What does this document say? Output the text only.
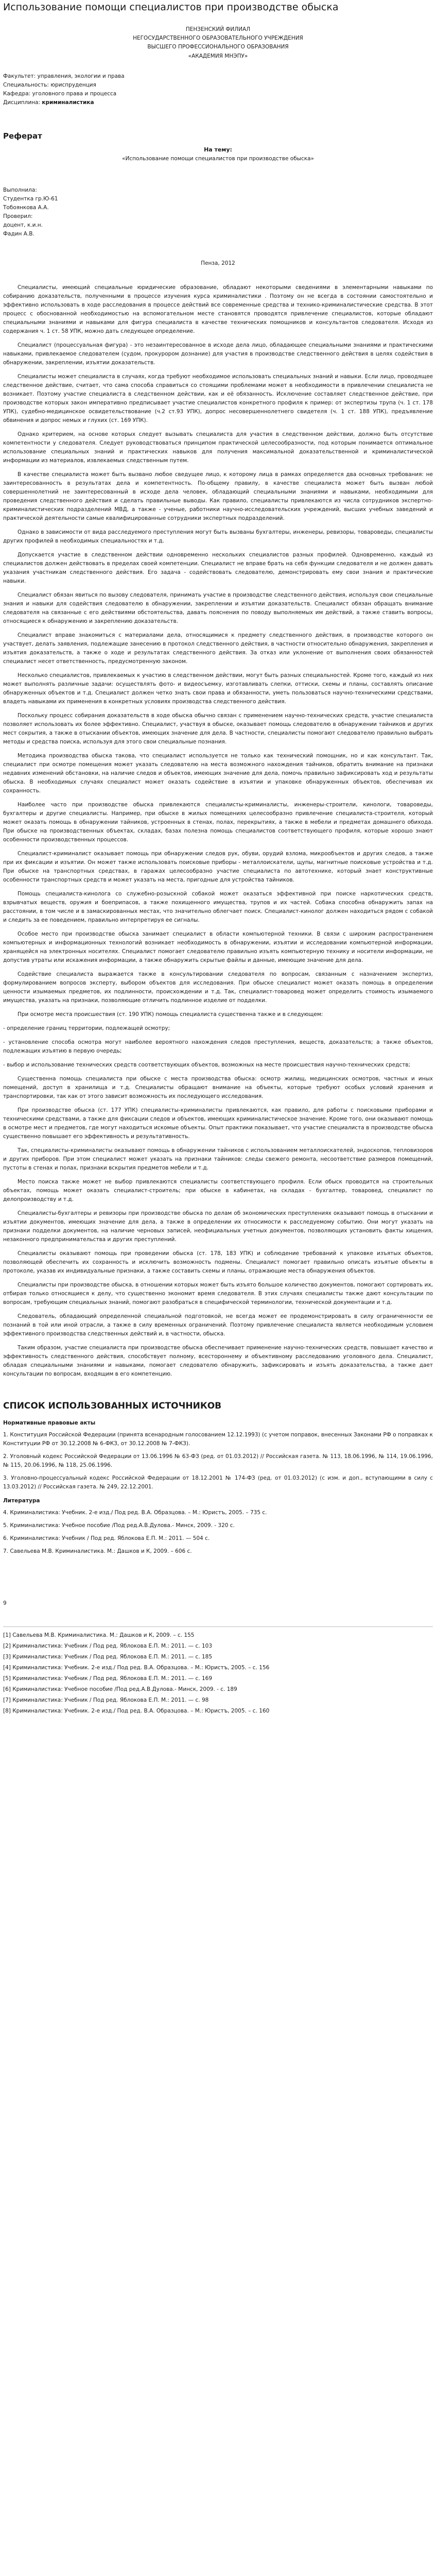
Использование помощи специалистов при производстве обыска

ПЕНЗЕНСКИЙ ФИЛИАЛ

НЕГОСУДАРСТВЕННОГО ОБРАЗОВАТЕЛЬНОГО УЧРЕЖДЕНИЯ

ВЫСШЕГО ПРОФЕССИОНАЛЬНОГО ОБРАЗОВАНИЯ

«АКАДЕМИЯ МНЭПУ»

Факультет: управления, экологии и права

Специальность: юриспруденция

Кафедра: уголовного права и процесса

Дисциплина: криминалистика

Реферат

На тему:

«Использование помощи специалистов при производстве обыска»

Выполнила:

Студентка гр.Ю-61

Тобоянкова А.А.

Проверил:

доцент, к.и.н.

Фадин А.В.

Пенза, 2012

Специалисты, имеющий специальные юридические образование, обладают некоторыми сведениями в элементарными навыками по собиранию доказательств, полученными в процессе изучения курса криминалистики . Поэтому он не всегда в состоянии самостоятельно и эффективно использовать в ходе расследования в процессе действий все современные средства и технико-криминалистические средства. В этот процесс с обоснованной необходимостью на вспомогательном месте становятся проводятся привлечение специалистов, которые обладают специальными знаниями и навыками для фигура специалиста в качестве технических помощников и консультантов следователя. Исходя из содержания ч. 1 ст. 58 УПК, можно дать следующее определение.

Специалист (процессуальная фигура) - это незаинтересованное в исходе дела лицо, обладающее специальными знаниями и практическими навыками, привлекаемое следователем (судом, прокурором дознание) для участия в производстве следственного действия в целях содействия в обнаружении, закреплении, изъятии доказательств.

Специалисты может специалиста в случаях, когда требуют необходимое использовать специальных знаний и навыки. Если лицо, проводящее следственное действие, считает, что сама способа справиться со стоящими проблемами может в необходимости в привлечении специалиста не возникает. Поэтому участие специалиста в следственном действии, как и её обязанность. Исключение составляет следственное действие, при производстве которых закон императивно предписывает участие специалистов конкретного профиля к пример: от экспертизы трупа (ч. 1 ст. 178 УПК), судебно-медицинское освидетельствование (ч.2 ст.93 УПК), допрос несовершеннолетнего свидетеля (ч. 1 ст. 188 УПК), предъявление обвинения и допрос немых и глухих (ст. 169 УПК).

Однако критерием, на основе которых следует вызывать специалиста для участия в следственном действии, должно быть отсутствие компетентности у следователя. Следует руководствоваться принципом практической целесообразности, под которым понимается оптимальное использование специальных знаний и практических навыков для получения максимальной доказательственной и криминалистической информации из материалов, извлекаемых следственным путем.

В качестве специалиста может быть вызвано любое сведущее лицо, к которому лица в рамках определяется два основных требования: не заинтересованность в результатах дела и компетентность. По-общему правилу, в качестве специалиста может быть вызван любой совершеннолетний не заинтересованный в исходе дела человек, обладающий специальными знаниями и навыками, необходимыми для проведения следственного действия и сделать правильные выводы. Как правило, специалисты привлекаются из числа сотрудников экспертно-криминалистических подразделений МВД, а также - ученые, работники научно-исследовательских учреждений, высших учебных заведений и практической деятельности самые квалифицированные сотрудники экспертных подразделений.

Однако в зависимости от вида расследуемого преступления могут быть вызваны бухгалтеры, инженеры, ревизоры, товароведы, специалисты других профилей в необходимых специальностях и т.д.

Допускается участие в следственном действии одновременно нескольких специалистов разных профилей. Одновременно, каждый из специалистов должен действовать в пределах своей компетенции. Специалист не вправе брать на себя функции следователя и не должен давать указания участникам следственного действия. Его задача - содействовать следователю, демонстрировать ему свои знания и практические навыки.

Специалист обязан явиться по вызову следователя, принимать участие в производстве следственного действия, используя свои специальные знания и навыки для содействия следователю в обнаружении, закреплении и изъятии доказательств. Специалист обязан обращать внимание следователя на связанные с его действиями обстоятельства, давать пояснения по поводу выполняемых им действий, а также ставить вопросы, относящиеся к обнаружению и закреплению доказательств.

Специалист вправе знакомиться с материалами дела, относящимися к предмету следственного действия, в производстве которого он участвует, делать заявления, подлежащие занесению в протокол следственного действия, в частности относительно обнаружения, закрепления и изъятия доказательств, а также о ходе и результатах следственного действия. За отказ или уклонение от выполнения своих обязанностей специалист несет ответственность, предусмотренную законом.

Несколько специалистов, привлекаемых к участию в следственном действии, могут быть разных специальностей. Кроме того, каждый из них может выполнять различные задачи: осуществлять фото- и видеосъемку, изготавливать слепки, оттиски, схемы и планы, составлять описание обнаруженных объектов и т.д. Специалист должен четко знать свои права и обязанности, уметь пользоваться научно-техническими средствами, владеть навыками их применения в конкретных условиях производства следственного действия.

Поскольку процесс собирания доказательств в ходе обыска обычно связан с применением научно-технических средств, участие специалиста позволяет использовать их более эффективно. Специалист, участвуя в обыске, оказывает помощь следователю в обнаружении тайников и других мест сокрытия, а также в отыскании объектов, имеющих значение для дела. В частности, специалисты помогают следователю правильно выбрать методы и средства поиска, используя для этого свои специальные познания.

Методика производства обыска такова, что специалист используется не только как технический помощник, но и как консультант. Так, специалист при осмотре помещения может указать следователю на места возможного нахождения тайников, обратить внимание на признаки недавних изменений обстановки, на наличие следов и объектов, имеющих значение для дела, помочь правильно зафиксировать ход и результаты обыска. В необходимых случаях специалист может оказать содействие в изъятии и упаковке обнаруженных объектов, обеспечивая их сохранность.

Наиболее часто при производстве обыска привлекаются специалисты-криминалисты, инженеры-строители, кинологи, товароведы, бухгалтеры и другие специалисты. Например, при обыске в жилых помещениях целесообразно привлечение специалиста-строителя, который может оказать помощь в обнаружении тайников, устроенных в стенах, полах, перекрытиях, а также в мебели и предметах домашнего обихода. При обыске на производственных объектах, складах, базах полезна помощь специалистов соответствующего профиля, которые хорошо знают особенности производственных процессов.

Специалист-криминалист оказывает помощь при обнаружении следов рук, обуви, орудий взлома, микрообъектов и других следов, а также при их фиксации и изъятии. Он может также использовать поисковые приборы - металлоискатели, щупы, магнитные поисковые устройства и т.д. При обыске на транспортных средствах, в гаражах целесообразно участие специалиста по автотехнике, который знает конструктивные особенности транспортных средств и может указать на места, пригодные для устройства тайников.

Помощь специалиста-кинолога со служебно-розыскной собакой может оказаться эффективной при поиске наркотических средств, взрывчатых веществ, оружия и боеприпасов, а также похищенного имущества, трупов и их частей. Собака способна обнаружить запах на расстоянии, в том числе и в замаскированных местах, что значительно облегчает поиск. Специалист-кинолог должен находиться рядом с собакой и следить за ее поведением, правильно интерпретируя ее сигналы.

Особое место при производстве обыска занимает специалист в области компьютерной техники. В связи с широким распространением компьютерных и информационных технологий возникает необходимость в обнаружении, изъятии и исследовании компьютерной информации, хранящейся на электронных носителях. Специалист помогает следователю правильно изъять компьютерную технику и носители информации, не допустив утраты или искажения информации, а также обнаружить скрытые файлы и данные, имеющие значение для дела.

Содействие специалиста выражается также в консультировании следователя по вопросам, связанным с назначением экспертиз, формулированием вопросов эксперту, выбором объектов для исследования. При обыске специалист может оказать помощь в определении ценности изымаемых предметов, их подлинности, происхождении и т.д. Так, специалист-товаровед может определить стоимость изымаемого имущества, указать на признаки, позволяющие отличить подлинное изделие от подделки.

При осмотре места происшествия (ст. 190 УПК) помощь специалиста существенна также и в следующем:

- определение границ территории, подлежащей осмотру;

- установление способа осмотра могут наиболее вероятного нахождения следов преступления, веществ, доказательств; а также объектов, подлежащих изъятию в первую очередь;

- выбор и использование технических средств соответствующих объектов, возможных на месте происшествия научно-технических средств;

Существенна помощь специалиста при обыске с места производства обыска: осмотр жилищ, медицинских осмотров, частных и иных помещений, доступ в хранилища и т.д. Специалисты обращают внимание на объекты, которые требуют особых условий хранения и транспортировки, так как от этого зависит возможность их последующего исследования.

При производстве обыска (ст. 177 УПК) специалисты-криминалисты привлекаются, как правило, для работы с поисковыми приборами и техническими средствами, а также для фиксации следов и объектов, имеющих криминалистическое значение. Кроме того, они оказывают помощь в осмотре мест и предметов, где могут находиться искомые объекты. Опыт практики показывает, что участие специалиста в производстве обыска существенно повышает его эффективность и результативность.

Так, специалисты-криминалисты оказывают помощь в обнаружении тайников с использованием металлоискателей, эндоскопов, тепловизоров и других приборов. При этом специалист может указать на признаки тайников: следы свежего ремонта, несоответствие размеров помещений, пустоты в стенах и полах, признаки вскрытия предметов мебели и т.д.

Место поиска также может не выбор привлекаются специалисты соответствующего профиля. Если обыск проводится на строительных объектах, помощь может оказать специалист-строитель; при обыске в кабинетах, на складах - бухгалтер, товаровед, специалист по делопроизводству и т.д.

Специалисты-бухгалтеры и ревизоры при производстве обыска по делам об экономических преступлениях оказывают помощь в отыскании и изъятии документов, имеющих значение для дела, а также в определении их относимости к расследуемому событию. Они могут указать на признаки подделки документов, на наличие черновых записей, неофициальных учетных документов, позволяющих установить факты хищения, незаконного предпринимательства и других преступлений.

Специалисты оказывают помощь при проведении обыска (ст. 178, 183 УПК) и соблюдение требований к упаковке изъятых объектов, позволяющей обеспечить их сохранность и исключить возможность подмены. Специалист помогает правильно описать изъятые объекты в протоколе, указав их индивидуальные признаки, а также составить схемы и планы, отражающие места обнаружения объектов.

Специалисты при производстве обыска, в отношении которых может быть изъято большое количество документов, помогают сортировать их, отбирая только относящиеся к делу, что существенно экономит время следователя. В этих случаях специалисты также дают консультации по вопросам, требующим специальных знаний, помогают разобраться в специфической терминологии, технической документации и т.д.

Следователь, обладающий определенной специальной подготовкой, не всегда может ее продемонстрировать в силу ограниченности ее познаний в той или иной отрасли, а также в силу временных ограничений. Поэтому привлечение специалиста является необходимым условием эффективного производства следственных действий и, в частности, обыска.

Таким образом, участие специалиста при производстве обыска обеспечивает применение научно-технических средств, повышает качество и эффективность следственного действия, способствует полному, всестороннему и объективному расследованию уголовного дела. Специалист, обладая специальными знаниями и навыками, помогает следователю обнаружить, зафиксировать и изъять доказательства, а также дает консультации по вопросам, входящим в его компетенцию.

СПИСОК ИСПОЛЬЗОВАННЫХ ИСТОЧНИКОВ

Нормативные правовые акты

1. Конституция Российской Федерации (принята всенародным голосованием 12.12.1993) (с учетом поправок, внесенных Законами РФ о поправках к Конституции РФ от 30.12.2008 № 6-ФКЗ, от 30.12.2008 № 7-ФКЗ).

2. Уголовный кодекс Российской Федерации от 13.06.1996 № 63-ФЗ (ред. от 01.03.2012) // Российская газета. № 113, 18.06.1996, № 114, 19.06.1996, № 115, 20.06.1996, № 118, 25.06.1996.

3. Уголовно-процессуальный кодекс Российской Федерации от 18.12.2001 № 174-ФЗ (ред. от 01.03.2012) (с изм. и доп., вступающими в силу с 13.03.2012) // Российская газета. № 249, 22.12.2001.

Литература

4. Криминалистика: Учебник. 2-е изд./ Под ред. В.А. Образцова. – М.: Юристъ, 2005. – 735 с.

5. Криминалистика: Учебное пособие /Под ред.А.В.Дулова.- Минск, 2009. - 320 с.

6. Криминалистика: Учебник / Под ред. Яблокова Е.П. М.: 2011. — 504 с.

7. Савельева М.В. Криминалистика. М.: Дашков и К, 2009. – 606 с.

9

[1] Савельева М.В. Криминалистика. М.: Дашков и К, 2009. – с. 155

[2] Криминалистика: Учебник / Под ред. Яблокова Е.П. М.: 2011. — с. 103

[3] Криминалистика: Учебник / Под ред. Яблокова Е.П. М.: 2011. — с. 185

[4] Криминалистика: Учебник. 2-е изд./ Под ред. В.А. Образцова. – М.: Юристъ, 2005. – с. 156

[5] Криминалистика: Учебник / Под ред. Яблокова Е.П. М.: 2011. — с. 169

[6] Криминалистика: Учебное пособие /Под ред.А.В.Дулова.- Минск, 2009. - с. 189

[7] Криминалистика: Учебник / Под ред. Яблокова Е.П. М.: 2011. — с. 98

[8] Криминалистика: Учебник. 2-е изд./ Под ред. В.А. Образцова. – М.: Юристъ, 2005. – с. 160
